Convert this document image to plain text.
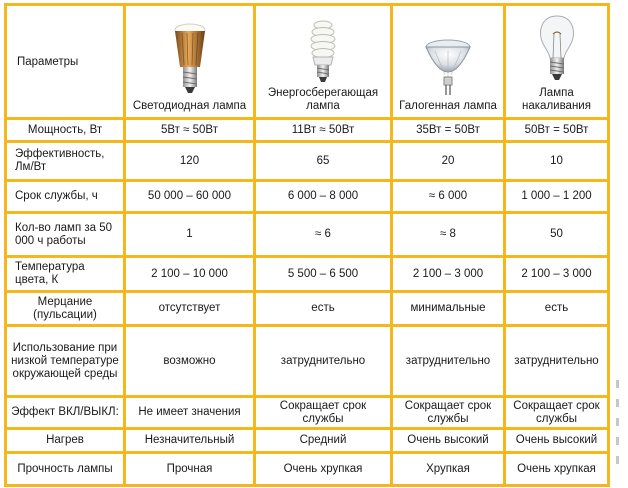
Параметры	Светодиодная лампа	Энергосберегающая лампа	Галогенная лампа	Лампа накаливания

Мощность, Вт	5Вт ≈ 50Вт	11Вт ≈ 50Вт	35Вт = 50Вт	50Вт = 50Вт
Эффективность, Лм/Вт	120	65	20	10
Срок службы, ч	50 000 – 60 000	6 000 – 8 000	≈ 6 000	1 000 – 1 200
Кол-во ламп за 50 000 ч работы	1	≈ 6	≈ 8	50
Температура цвета, К	2 100 – 10 000	5 500 – 6 500	2 100 – 3 000	2 100 – 3 000
Мерцание (пульсации)	отсутствует	есть	минимальные	есть
Использование при низкой температуре окружающей среды	возможно	затруднительно	затруднительно	затруднительно
Эффект ВКЛ/ВЫКЛ:	Не имеет значения	Сокращает срок службы	Сокращает срок службы	Сокращает срок службы
Нагрев	Незначительный	Средний	Очень высокий	Очень высокий
Прочность лампы	Прочная	Очень хрупкая	Хрупкая	Очень хрупкая
